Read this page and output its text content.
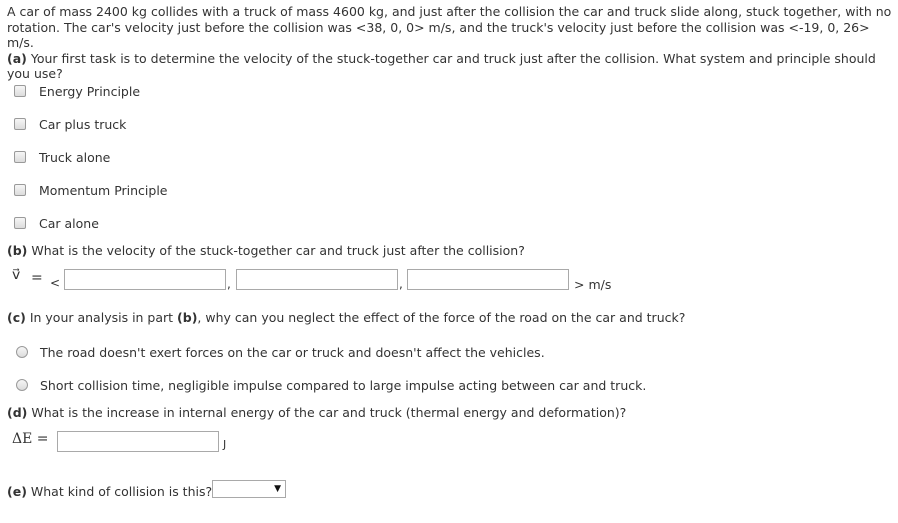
A car of mass 2400 kg collides with a truck of mass 4600 kg, and just after the collision the car and truck slide along, stuck together, with no rotation. The car's velocity just before the collision was <38, 0, 0> m/s, and the truck's velocity just before the collision was <-19, 0, 26> m/s.
(a) Your first task is to determine the velocity of the stuck-together car and truck just after the collision. What system and principle should you use?
Energy Principle
Car plus truck
Truck alone
Momentum Principle
Car alone
(b) What is the velocity of the stuck-together car and truck just after the collision?
v⃗ = <	,	,	> m/s
(c) In your analysis in part (b), why can you neglect the effect of the force of the road on the car and truck?
The road doesn't exert forces on the car or truck and doesn't affect the vehicles.
Short collision time, negligible impulse compared to large impulse acting between car and truck.
(d) What is the increase in internal energy of the car and truck (thermal energy and deformation)?
ΔE =	J
(e) What kind of collision is this?	▼
